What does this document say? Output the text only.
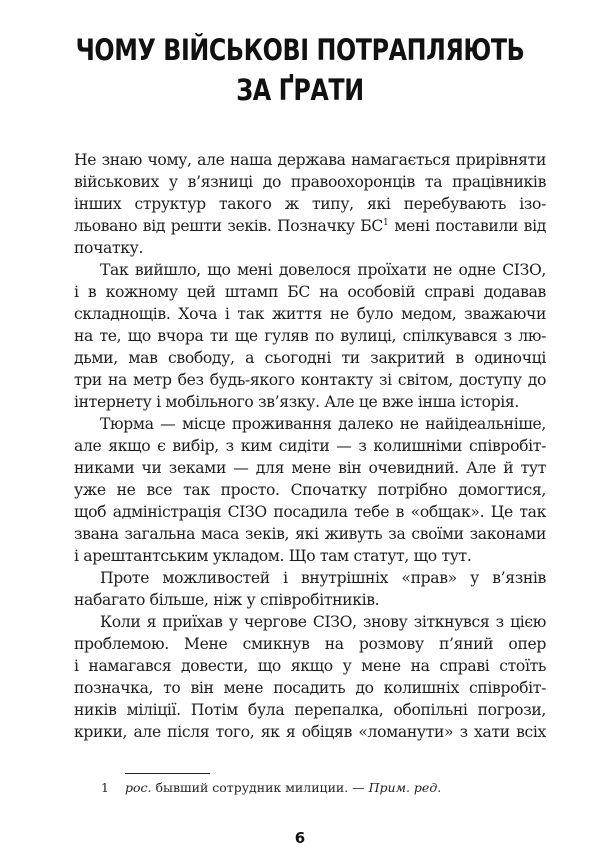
ЧОМУ ВІЙСЬКОВІ ПОТРАПЛЯЮТЬ
ЗА ҐРАТИ
Не знаю чому, але наша держава намагається прирівняти
військових у в’язниці до правоохоронців та працівників
інших структур такого ж типу, які перебувають ізо-
льовано від решти зеків. Позначку БС$^1$ мені поставили від
початку.
Так вийшло, що мені довелося проїхати не одне СІЗО,
і в кожному цей штамп БС на особовій справі додавав
складнощів. Хоча і так життя не було медом, зважаючи
на те, що вчора ти ще гуляв по вулиці, спілкувався з лю-
дьми, мав свободу, а сьогодні ти закритий в одиночці
три на метр без будь-якого контакту зі світом, доступу до
інтернету і мобільного зв’язку. Але це вже інша історія.
Тюрма — місце проживання далеко не найідеальніше,
але якщо є вибір, з ким сидіти — з колишніми співробіт-
никами чи зеками — для мене він очевидний. Але й тут
уже не все так просто. Спочатку потрібно домогтися,
щоб адміністрація СІЗО посадила тебе в «общак». Це так
звана загальна маса зеків, які живуть за своїми законами
і арештантським укладом. Що там статут, що тут.
Проте можливостей і внутрішніх «прав» у в’язнів
набагато більше, ніж у співробітників.
Коли я приїхав у чергове СІЗО, знову зіткнувся з цією
проблемою. Мене смикнув на розмову п’яний опер
і намагався довести, що якщо у мене на справі стоїть
позначка, то він мене посадить до колишніх співробіт-
ників міліції. Потім була перепалка, обопільні погрози,
крики, але після того, як я обіцяв «ломанути» з хати всіх
1 рос. бывший сотрудник милиции. — Прим. ред.
6
